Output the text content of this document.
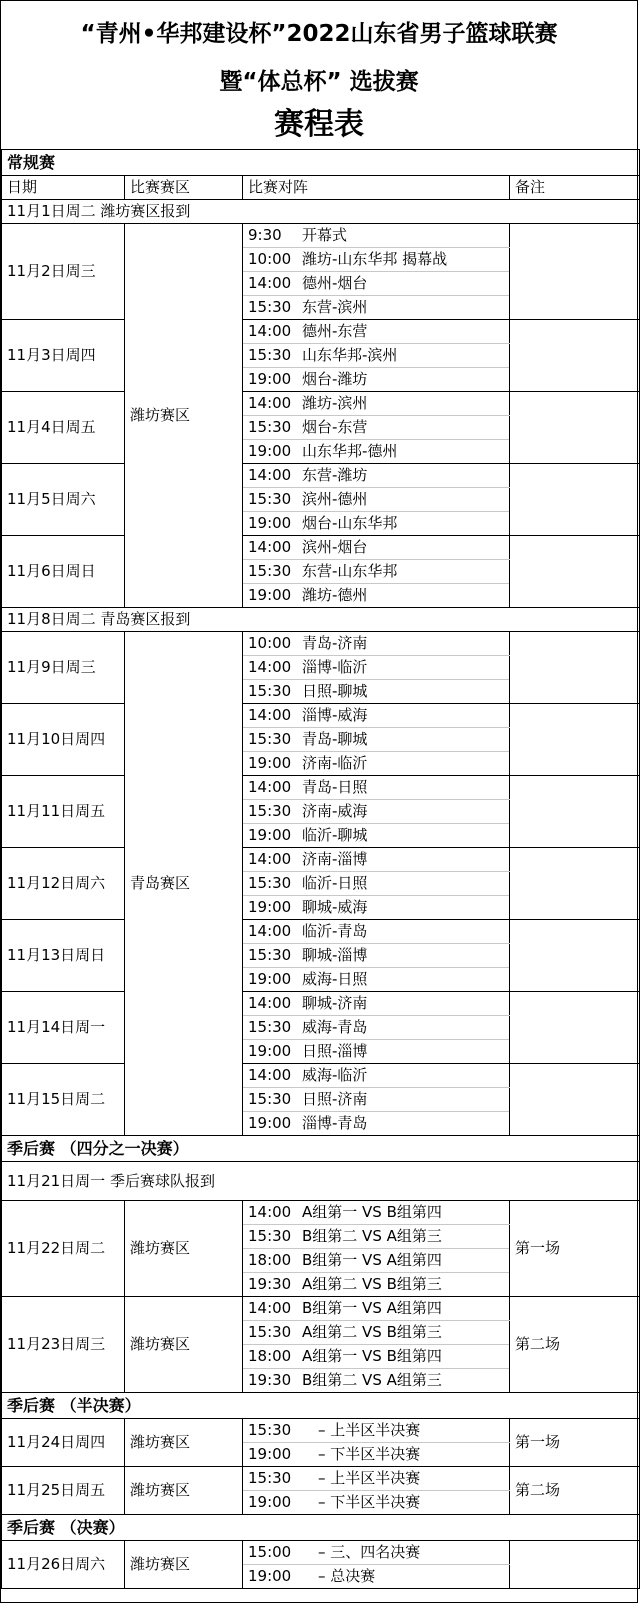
“青州•华邦建设杯”2022山东省男子篮球联赛
暨“体总杯” 选拔赛
赛程表
常规赛			
日期	比赛赛区	比赛对阵	备注
11月1日周二 潍坊赛区报到			
11月2日周三	潍坊赛区	9:30 开幕式	
		10:00 潍坊-山东华邦 揭幕战	
		14:00 德州-烟台	
		15:30 东营-滨州	
11月3日周四		14:00 德州-东营	
		15:30 山东华邦-滨州	
		19:00 烟台-潍坊	
11月4日周五		14:00 潍坊-滨州	
		15:30 烟台-东营	
		19:00 山东华邦-德州	
11月5日周六		14:00 东营-潍坊	
		15:30 滨州-德州	
		19:00 烟台-山东华邦	
11月6日周日		14:00 滨州-烟台	
		15:30 东营-山东华邦	
		19:00 潍坊-德州	
11月8日周二 青岛赛区报到			
11月9日周三	青岛赛区	10:00 青岛-济南	
		14:00 淄博-临沂	
		15:30 日照-聊城	
11月10日周四		14:00 淄博-威海	
		15:30 青岛-聊城	
		19:00 济南-临沂	
11月11日周五		14:00 青岛-日照	
		15:30 济南-威海	
		19:00 临沂-聊城	
11月12日周六		14:00 济南-淄博	
		15:30 临沂-日照	
		19:00 聊城-威海	
11月13日周日		14:00 临沂-青岛	
		15:30 聊城-淄博	
		19:00 威海-日照	
11月14日周一		14:00 聊城-济南	
		15:30 威海-青岛	
		19:00 日照-淄博	
11月15日周二		14:00 威海-临沂	
		15:30 日照-济南	
		19:00 淄博-青岛	
季后赛 （四分之一决赛）			
11月21日周一 季后赛球队报到			
11月22日周二	潍坊赛区	14:00 A组第一 VS B组第四	第一场
		15:30 B组第二 VS A组第三	
		18:00 B组第一 VS A组第四	
		19:30 A组第二 VS B组第三	
11月23日周三	潍坊赛区	14:00 B组第一 VS A组第四	第二场
		15:30 A组第二 VS B组第三	
		18:00 A组第一 VS B组第四	
		19:30 B组第二 VS A组第三	
季后赛 （半决赛）			
11月24日周四	潍坊赛区	15:30 – 上半区半决赛	第一场
		19:00 – 下半区半决赛	
11月25日周五	潍坊赛区	15:30 – 上半区半决赛	第二场
		19:00 – 下半区半决赛	
季后赛 （决赛）			
11月26日周六	潍坊赛区	15:00 – 三、四名决赛	
		19:00 – 总决赛	
